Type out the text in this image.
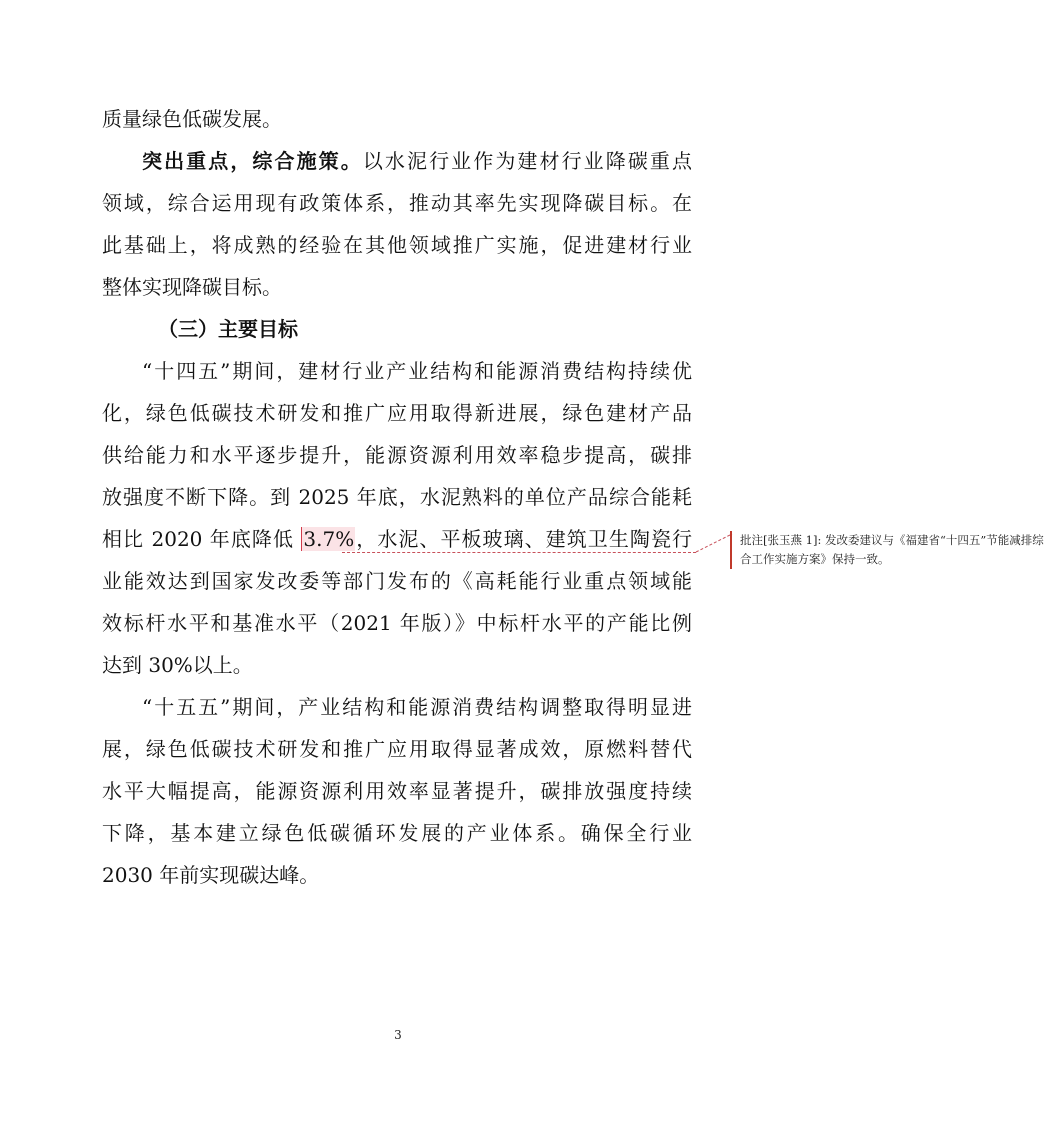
质量绿色低碳发展。
突出重点，综合施策。以水泥行业作为建材行业降碳重点
领域，综合运用现有政策体系，推动其率先实现降碳目标。在
此基础上，将成熟的经验在其他领域推广实施，促进建材行业
整体实现降碳目标。
（三）主要目标
“十四五”期间，建材行业产业结构和能源消费结构持续优
化，绿色低碳技术研发和推广应用取得新进展，绿色建材产品
供给能力和水平逐步提升，能源资源利用效率稳步提高，碳排
放强度不断下降。到 2025 年底，水泥熟料的单位产品综合能耗
相比 2020 年底降低 3.7%，水泥、平板玻璃、建筑卫生陶瓷行
业能效达到国家发改委等部门发布的《高耗能行业重点领域能
效标杆水平和基准水平（2021 年版）》中标杆水平的产能比例
达到 30%以上。
“十五五”期间，产业结构和能源消费结构调整取得明显进
展，绿色低碳技术研发和推广应用取得显著成效，原燃料替代
水平大幅提高，能源资源利用效率显著提升，碳排放强度持续
下降，基本建立绿色低碳循环发展的产业体系。确保全行业
2030 年前实现碳达峰。
批注[张玉燕 1]: 发改委建议与《福建省“十四五”节能减排综合工作实施方案》保持一致。
3
